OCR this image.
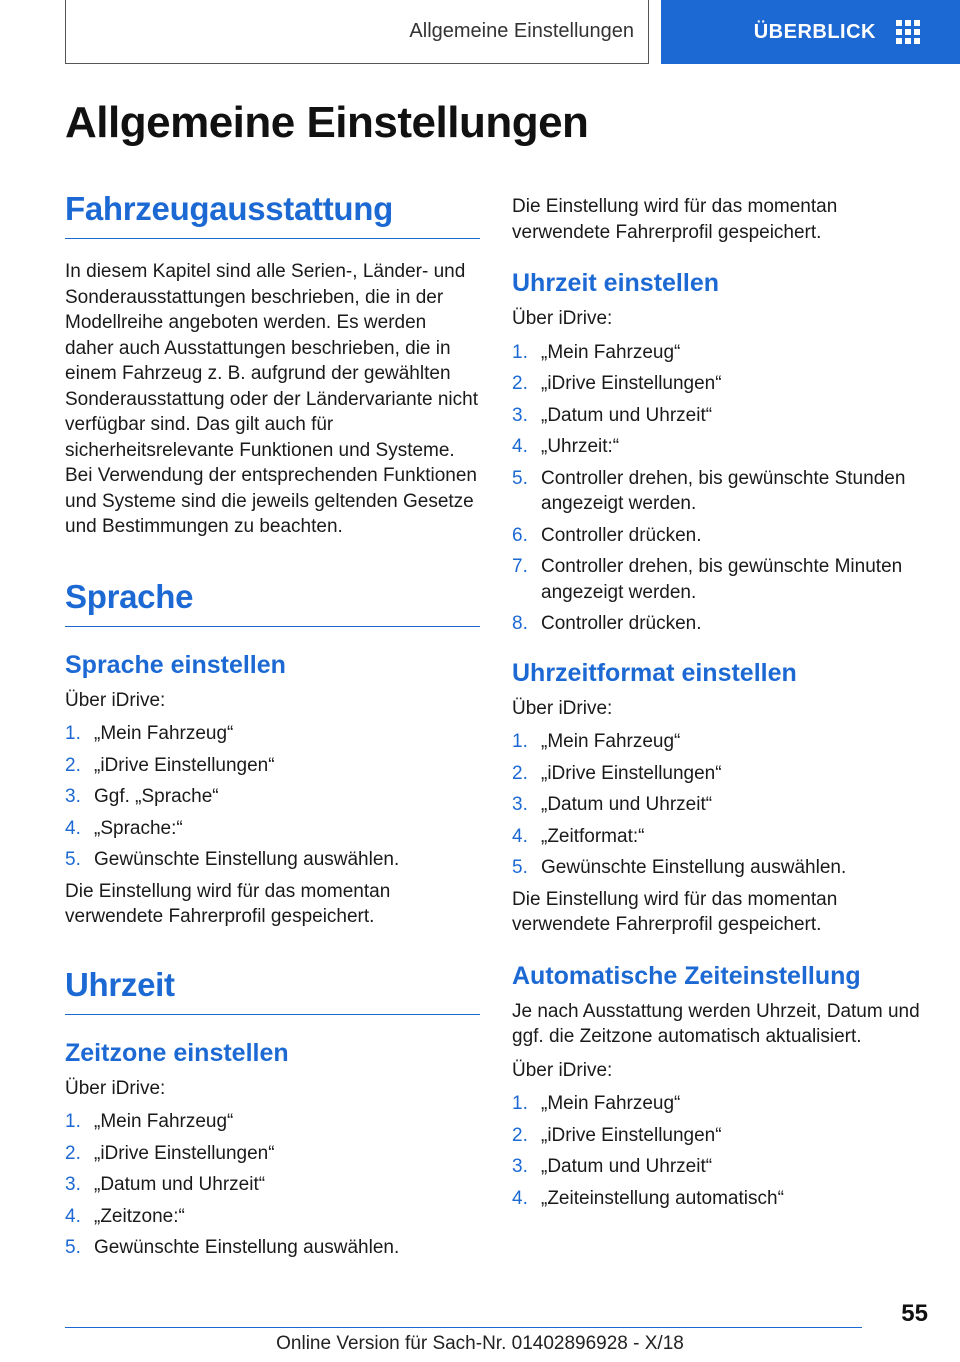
Allgemeine Einstellungen	ÜBERBLICK
Allgemeine Einstellungen
Fahrzeugausstattung

In diesem Kapitel sind alle Serien-, Länder- und Sonderausstattungen beschrieben, die in der Modellreihe angeboten werden. Es werden daher auch Ausstattungen beschrieben, die in einem Fahrzeug z. B. aufgrund der gewählten Sonderausstattung oder der Ländervariante nicht verfügbar sind. Das gilt auch für sicherheitsrelevante Funktionen und Systeme. Bei Verwendung der entsprechenden Funktionen und Systeme sind die jeweils geltenden Gesetze und Bestimmungen zu beachten.

Sprache
Sprache einstellen

Über iDrive:

1. „Mein Fahrzeug“
2. „iDrive Einstellungen“
3. Ggf. „Sprache“
4. „Sprache:“
5. Gewünschte Einstellung auswählen.

Die Einstellung wird für das momentan verwendete Fahrerprofil gespeichert.

Uhrzeit
Zeitzone einstellen

Über iDrive:

1. „Mein Fahrzeug“
2. „iDrive Einstellungen“
3. „Datum und Uhrzeit“
4. „Zeitzone:“
5. Gewünschte Einstellung auswählen.

Die Einstellung wird für das momentan verwendete Fahrerprofil gespeichert.

Uhrzeit einstellen

Über iDrive:

1. „Mein Fahrzeug“
2. „iDrive Einstellungen“
3. „Datum und Uhrzeit“
4. „Uhrzeit:“
5. Controller drehen, bis gewünschte Stunden angezeigt werden.
6. Controller drücken.
7. Controller drehen, bis gewünschte Minuten angezeigt werden.
8. Controller drücken.
Uhrzeitformat einstellen

Über iDrive:

1. „Mein Fahrzeug“
2. „iDrive Einstellungen“
3. „Datum und Uhrzeit“
4. „Zeitformat:“
5. Gewünschte Einstellung auswählen.

Die Einstellung wird für das momentan verwendete Fahrerprofil gespeichert.

Automatische Zeiteinstellung

Je nach Ausstattung werden Uhrzeit, Datum und ggf. die Zeitzone automatisch aktualisiert.

Über iDrive:

1. „Mein Fahrzeug“
2. „iDrive Einstellungen“
3. „Datum und Uhrzeit“
4. „Zeiteinstellung automatisch“
55
Online Version für Sach-Nr. 01402896928 - X/18
